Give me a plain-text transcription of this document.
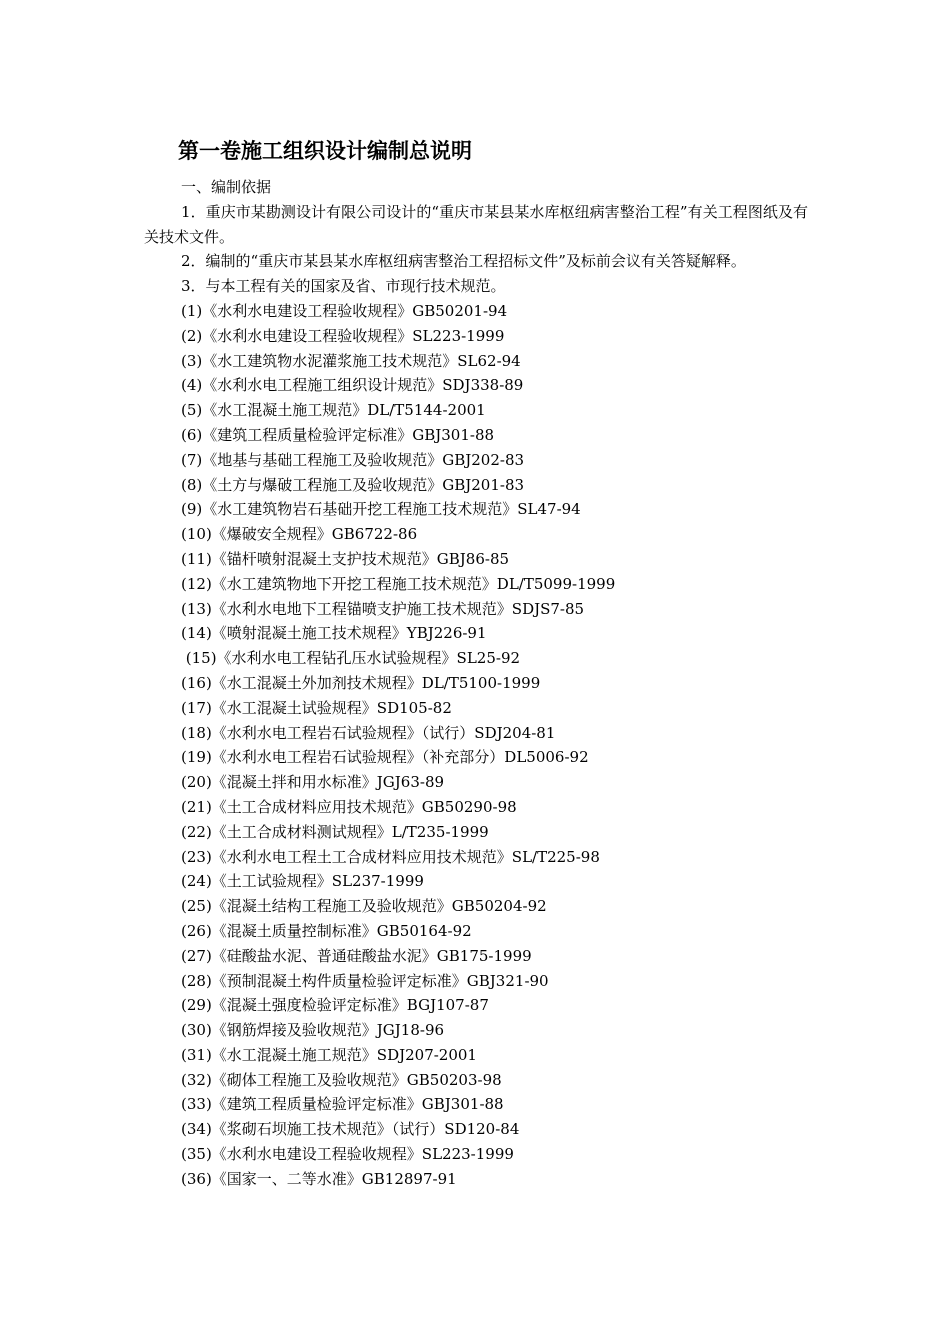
第一卷施工组织设计编制总说明

一、编制依据

1．重庆市某勘测设计有限公司设计的“重庆市某县某水库枢纽病害整治工程”有关工程图纸及有关技术文件。

2．编制的“重庆市某县某水库枢纽病害整治工程招标文件”及标前会议有关答疑解释。

3．与本工程有关的国家及省、市现行技术规范。

(1)《水利水电建设工程验收规程》GB50201-94

(2)《水利水电建设工程验收规程》SL223-1999

(3)《水工建筑物水泥灌浆施工技术规范》SL62-94

(4)《水利水电工程施工组织设计规范》SDJ338-89

(5)《水工混凝土施工规范》DL/T5144-2001

(6)《建筑工程质量检验评定标准》GBJ301-88

(7)《地基与基础工程施工及验收规范》GBJ202-83

(8)《土方与爆破工程施工及验收规范》GBJ201-83

(9)《水工建筑物岩石基础开挖工程施工技术规范》SL47-94

(10)《爆破安全规程》GB6722-86

(11)《锚杆喷射混凝土支护技术规范》GBJ86-85

(12)《水工建筑物地下开挖工程施工技术规范》DL/T5099-1999

(13)《水利水电地下工程锚喷支护施工技术规范》SDJS7-85

(14)《喷射混凝土施工技术规程》YBJ226-91

(15)《水利水电工程钻孔压水试验规程》SL25-92

(16)《水工混凝土外加剂技术规程》DL/T5100-1999

(17)《水工混凝土试验规程》SD105-82

(18)《水利水电工程岩石试验规程》（试行）SDJ204-81

(19)《水利水电工程岩石试验规程》（补充部分）DL5006-92

(20)《混凝土拌和用水标准》JGJ63-89

(21)《土工合成材料应用技术规范》GB50290-98

(22)《土工合成材料测试规程》L/T235-1999

(23)《水利水电工程土工合成材料应用技术规范》SL/T225-98

(24)《土工试验规程》SL237-1999

(25)《混凝土结构工程施工及验收规范》GB50204-92

(26)《混凝土质量控制标准》GB50164-92

(27)《硅酸盐水泥、普通硅酸盐水泥》GB175-1999

(28)《预制混凝土构件质量检验评定标准》GBJ321-90

(29)《混凝土强度检验评定标准》BGJ107-87

(30)《钢筋焊接及验收规范》JGJ18-96

(31)《水工混凝土施工规范》SDJ207-2001

(32)《砌体工程施工及验收规范》GB50203-98

(33)《建筑工程质量检验评定标准》GBJ301-88

(34)《浆砌石坝施工技术规范》（试行）SD120-84

(35)《水利水电建设工程验收规程》SL223-1999

(36)《国家一、二等水准》GB12897-91
